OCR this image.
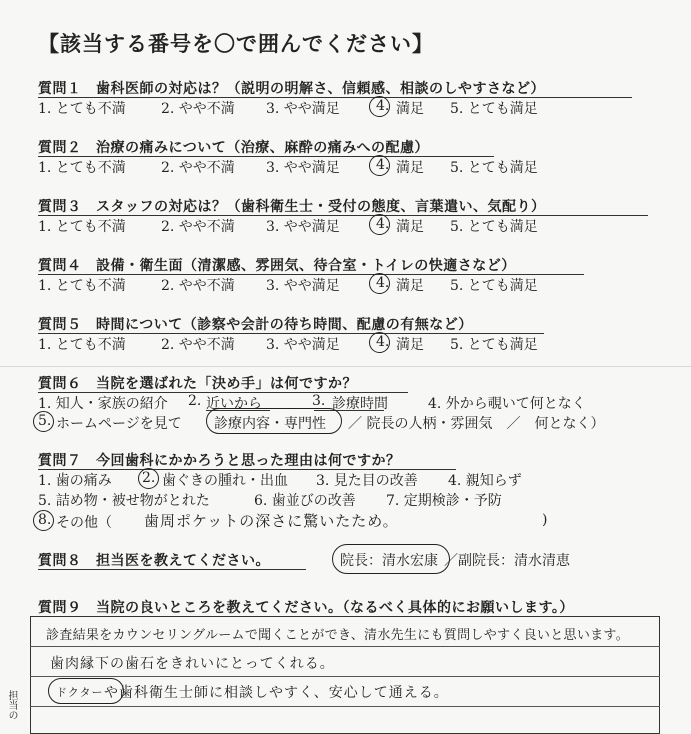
【該当する番号を〇で囲んでください】
質問１　歯科医師の対応は？（説明の明解さ、信頼感、相談のしやすさなど）
1. とても不満	2. やや不満 3. やや満足	4. 満足 5. とても満足
質問２　治療の痛みについて（治療、麻酔の痛みへの配慮）
1. とても不満	2. やや不満 3. やや満足	4. 満足 5. とても満足
質問３　スタッフの対応は？（歯科衛生士・受付の態度、言葉遣い、気配り）
1. とても不満	2. やや不満 3. やや満足	4. 満足 5. とても満足
質問４　設備・衛生面（清潔感、雰囲気、待合室・トイレの快適さなど）
1. とても不満	2. やや不満 3. やや満足	4. 満足 5. とても満足
質問５　時間について（診察や会計の待ち時間、配慮の有無など）
1. とても不満	2. やや不満 3. やや満足	4. 満足 5. とても満足
質問６　当院を選ばれた「決め手」は何ですか？
1. 知人・家族の紹介 2. 近いから	3. 診療時間	4. 外から覗いて何となく
5. ホームページを見て 診療内容・専門性 ／ 院長の人柄・雰囲気　／　何となく）
質問７　今回歯科にかかろうと思った理由は何ですか？
1. 歯の痛み 2. 歯ぐきの腫れ・出血 3. 見た目の改善 4. 親知らず
5. 詰め物・被せ物がとれた	6. 歯並びの改善 7. 定期検診・予防
8. その他（ 歯周ポケットの深さに驚いたため。	)
質問８　担当医を教えてください。	院長：清水宏康 ／副院長：清水清恵
質問９　当院の良いところを教えてください。（なるべく具体的にお願いします。）
診査結果をカウンセリングルームで聞くことができ、清水先生にも質問しやすく良いと思います。
歯肉縁下の歯石をきれいにとってくれる。
ドクター や歯科衛生士師に相談しやすく、安心して通える。
担当の
